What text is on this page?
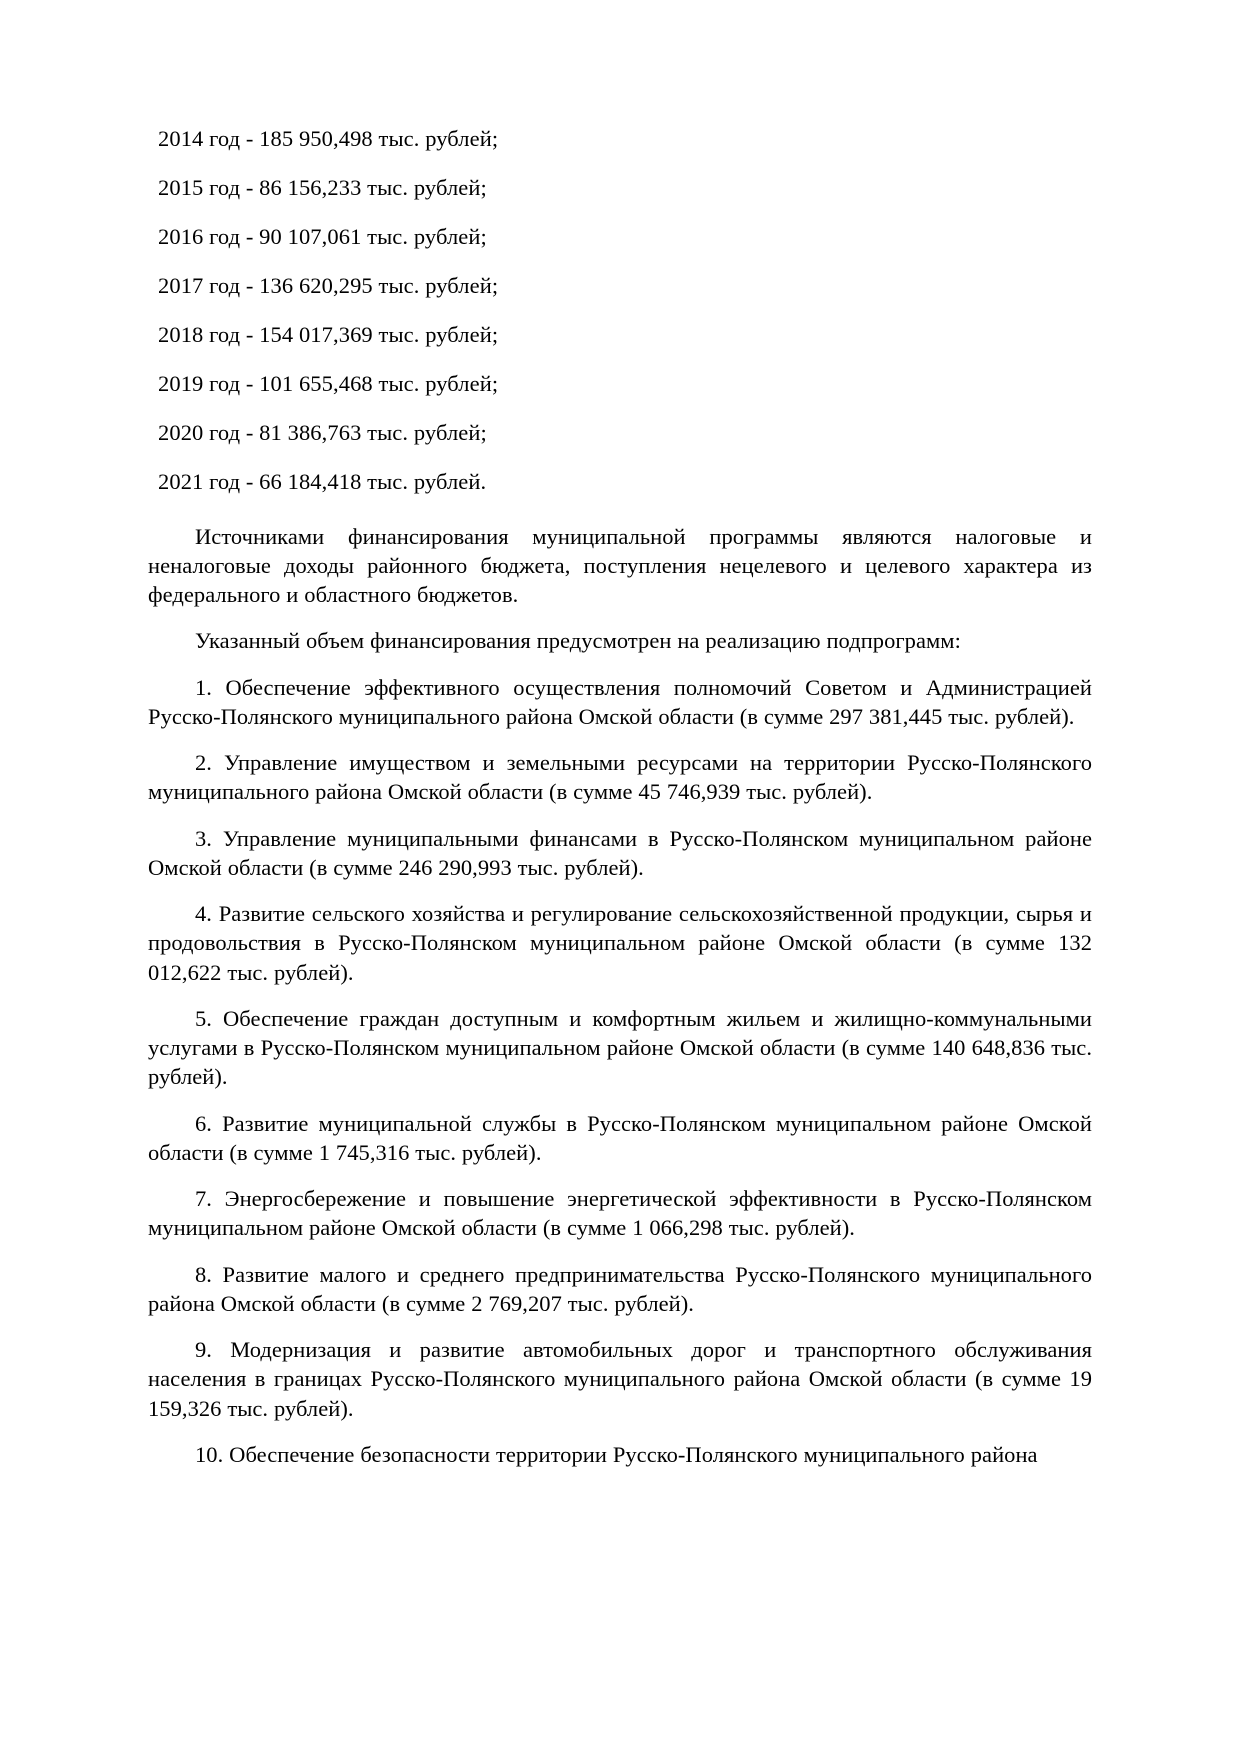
2014 год - 185 950,498 тыс. рублей;

2015 год - 86 156,233 тыс. рублей;

2016 год - 90 107,061 тыс. рублей;

2017 год - 136 620,295 тыс. рублей;

2018 год - 154 017,369 тыс. рублей;

2019 год - 101 655,468 тыс. рублей;

2020 год - 81 386,763 тыс. рублей;

2021 год - 66 184,418 тыс. рублей.

Источниками финансирования муниципальной программы являются налоговые и неналоговые доходы районного бюджета, поступления нецелевого и целевого характера из федерального и областного бюджетов.

Указанный объем финансирования предусмотрен на реализацию подпрограмм:

1. Обеспечение эффективного осуществления полномочий Советом и Администрацией Русско-Полянского муниципального района Омской области (в сумме 297 381,445 тыс. рублей).

2. Управление имуществом и земельными ресурсами на территории Русско-Полянского муниципального района Омской области (в сумме 45 746,939 тыс. рублей).

3. Управление муниципальными финансами в Русско-Полянском муниципальном районе Омской области (в сумме 246 290,993 тыс. рублей).

4. Развитие сельского хозяйства и регулирование сельскохозяйственной продукции, сырья и продовольствия в Русско-Полянском муниципальном районе Омской области (в сумме 132 012,622 тыс. рублей).

5. Обеспечение граждан доступным и комфортным жильем и жилищно-коммунальными услугами в Русско-Полянском муниципальном районе Омской области (в сумме 140 648,836 тыс. рублей).

6. Развитие муниципальной службы в Русско-Полянском муниципальном районе Омской области (в сумме 1 745,316 тыс. рублей).

7. Энергосбережение и повышение энергетической эффективности в Русско-Полянском муниципальном районе Омской области (в сумме 1 066,298 тыс. рублей).

8. Развитие малого и среднего предпринимательства Русско-Полянского муниципального района Омской области (в сумме 2 769,207 тыс. рублей).

9. Модернизация и развитие автомобильных дорог и транспортного обслуживания населения в границах Русско-Полянского муниципального района Омской области (в сумме 19 159,326 тыс. рублей).

10. Обеспечение безопасности территории Русско-Полянского муниципального района
